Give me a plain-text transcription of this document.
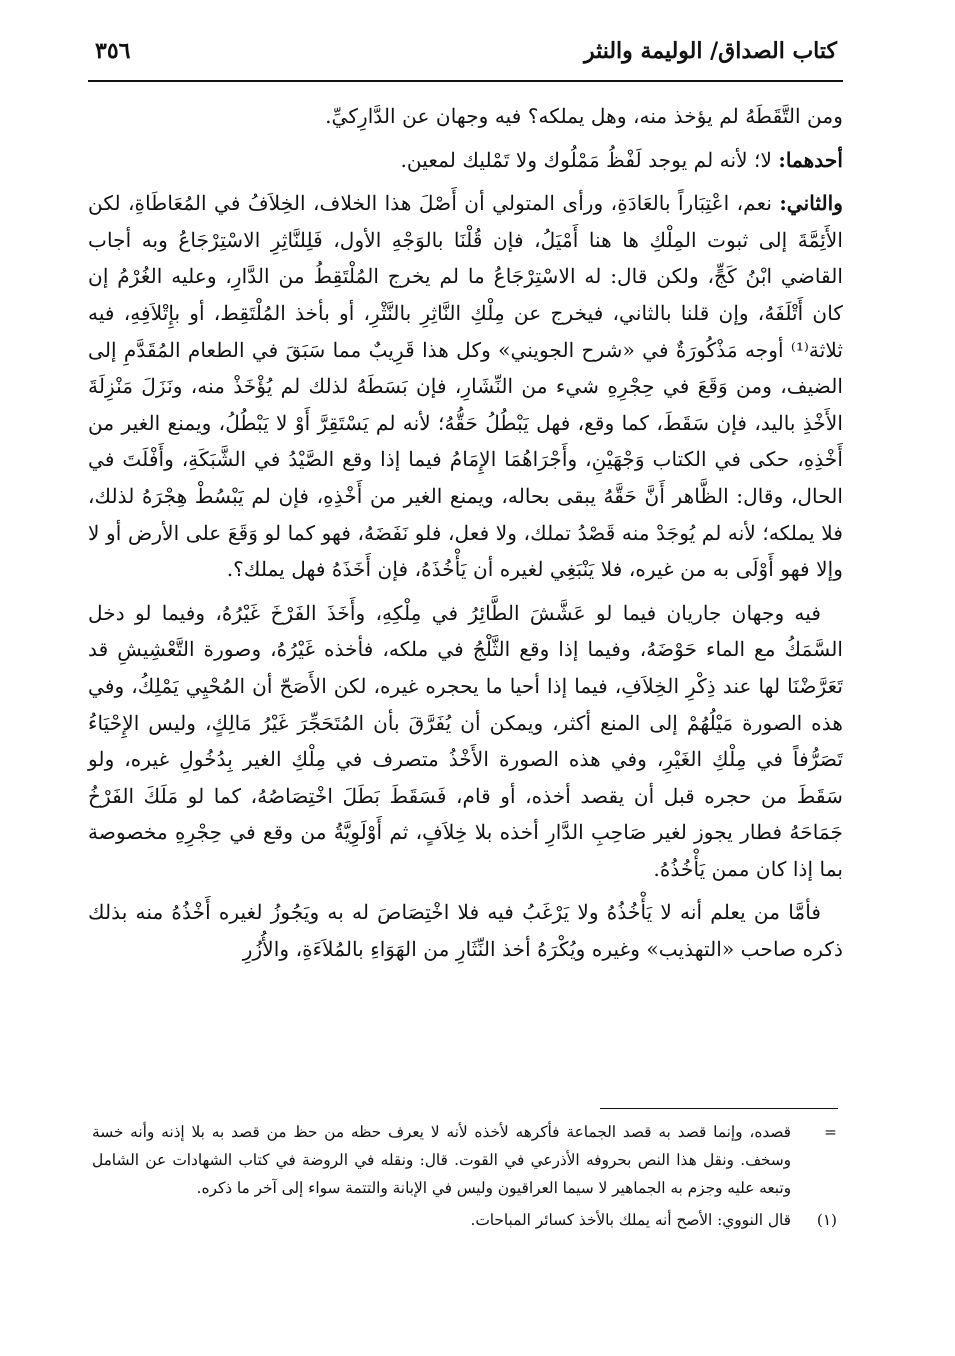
كتاب الصداق/ الوليمة والنثر
٣٥٦

ومن التَّقَطَهُ لم يؤخذ منه، وهل يملكه؟ فيه وجهان عن الدَّارِكيِّ.

أحدهما: لا؛ لأنه لم يوجد لَفْظُ مَمْلُوك ولا تَمْليك لمعين.

والثاني: نعم، اعْتِبَاراً بالعَادَةِ، ورأى المتولي أن أَصْلَ هذا الخلاف، الخِلاَفُ في المُعَاطَاةِ، لكن الأَئِمَّةَ إلى ثبوت المِلْكِ ها هنا أَمْيَلُ، فإن قُلْنَا بالوَجْهِ الأول، فَلِلنَّاثِرِ الاسْتِرْجَاعُ وبه أجاب القاضي ابْنُ كَجٍّ، ولكن قال: له الاسْتِرْجَاعُ ما لم يخرج المُلْتَقِطُ من الدَّارِ، وعليه الغُرْمُ إن كان أَتْلَفَهُ، وإن قلنا بالثاني، فيخرج عن مِلْكِ النَّاثِرِ بالنَّثْرِ، أو بأخذ المُلْتَقِط، أو بإِتْلاَفِهِ، فيه ثلاثة⁽¹⁾ أوجه مَذْكُورَةٌ في «شرح الجويني» وكل هذا قَرِيبٌ مما سَبَقَ في الطعام المُقَدَّمِ إلى الضيف، ومن وَقَعَ في حِجْرِهِ شيء من النِّشَارِ، فإن بَسَطَهُ لذلك لم يُؤْخَذْ منه، ونَزَلَ مَنْزِلَةَ الأَخْذِ باليد، فإن سَقَطَ، كما وقع، فهل يَبْطُلُ حَقُّهُ؛ لأنه لم يَسْتَقِرَّ أَوْ لا يَبْطُلُ، ويمنع الغير من أَخْذِهِ، حكى في الكتاب وَجْهَيْنِ، وأَجْرَاهُمَا الإِمَامُ فيما إذا وقع الصَّيْدُ في الشَّبَكَةِ، وأَفْلَتَ في الحال، وقال: الظَّاهر أَنَّ حَقَّهُ يبقى بحاله، ويمنع الغير من أَخْذِهِ، فإن لم يَبْسُطْ هِجْرَهُ لذلك، فلا يملكه؛ لأنه لم يُوجَدْ منه قَصْدُ تملك، ولا فعل، فلو نَفَضَهُ، فهو كما لو وَقَعَ على الأرض أو لا وإلا فهو أَوْلَى به من غيره، فلا يَنْبَغِي لغيره أن يَأْخُذَهُ، فإن أَخَذَهُ فهل يملك؟.

فيه وجهان جاريان فيما لو عَشَّشَ الطَّائِرُ في مِلْكِهِ، وأَخَذَ الفَرْخَ غَيْرُهُ، وفيما لو دخل السَّمَكُ مع الماء حَوْضَهُ، وفيما إذا وقع الثَّلْجُ في ملكه، فأخذه غَيْرُهُ، وصورة التَّعْشِيشِ قد تَعَرَّضْنَا لها عند ذِكْرِ الخِلاَفِ، فيما إذا أحيا ما يحجره غيره، لكن الأَصَحّ أن المُحْيِي يَمْلِكُ، وفي هذه الصورة مَيْلُهُمْ إلى المنع أكثر، ويمكن أن يُفَرَّقَ بأن المُتَحَجِّرَ غَيْرُ مَالِكٍ، وليس الإِحْيَاءُ تَصَرُّفاً في مِلْكِ الغَيْرِ، وفي هذه الصورة الأَخْذُ متصرف في مِلْكِ الغير بِدُخُولِ غيره، ولو سَقَطَ من حجره قبل أن يقصد أخذه، أو قام، فَسَقَطَ بَطَلَ اخْتِصَاصُهُ، كما لو مَلَكَ الفَرْخُ جَمَاحَهُ فطار يجوز لغير صَاحِبِ الدَّارِ أخذه بلا خِلاَفٍ، ثم أَوْلَوِيَّةُ من وقع في حِجْرِهِ مخصوصة بما إذا كان ممن يَأْخُذُهُ.

فأمَّا من يعلم أنه لا يَأْخُذُهُ ولا يَرْغَبُ فيه فلا اخْتِصَاصَ له به ويَجُوزُ لغيره أَخْذُهُ منه بذلك ذكره صاحب «التهذيب» وغيره ويُكْرَهُ أخذ النِّثَارِ من الهَوَاءِ بالمُلاَءَةِ، والأُزُرِ

=
قصده، وإنما قصد به قصد الجماعة فأكرهه لأخذه لأنه لا يعرف حظه من حظ من قصد به بلا إذنه وأنه خسة وسخف. ونقل هذا النص بحروفه الأذرعي في القوت. قال: ونقله في الروضة في كتاب الشهادات عن الشامل وتبعه عليه وجزم به الجماهير لا سيما العراقيون وليس في الإبانة والتتمة سواء إلى آخر ما ذكره.
(١)
قال النووي: الأصح أنه يملك بالأخذ كسائر المباحات.
